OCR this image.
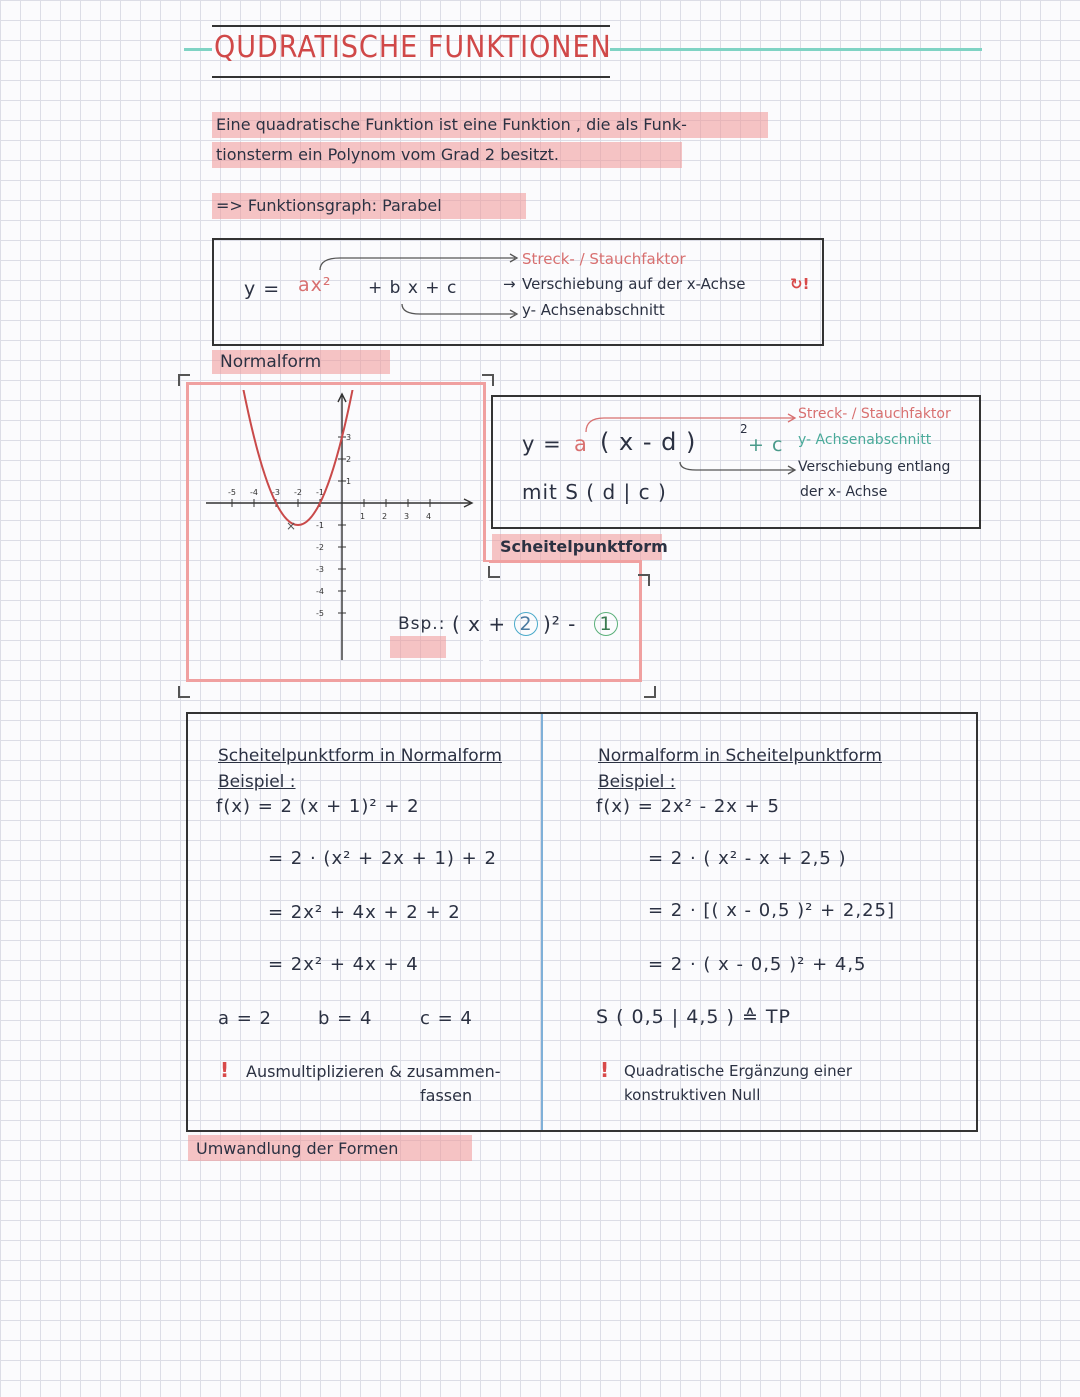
QUDRATISCHE FUNKTIONEN
Eine quadratische Funktion ist eine Funktion , die als Funk-
tionsterm ein Polynom vom Grad 2 besitzt.
=> Funktionsgraph: Parabel
y = ax² + b x + c
Streck- / Stauchfaktor
→ Verschiebung auf der x-Achse	↻!
y- Achsenabschnitt
Normalform
-5 -4 -3 -2 -1
1 2 3 4
3
2
1
-1
-2
-3
-4
-5
×
y = a ( x - d )	2
+ c
mit S ( d | c )
Streck- / Stauchfaktor
y- Achsenabschnitt
Verschiebung entlang
der x- Achse
Scheitelpunktform
Bsp.: ( x + 2 )² - 1
Scheitelpunktform in Normalform
Beispiel :
f(x) = 2 (x + 1)² + 2
= 2 · (x² + 2x + 1) + 2
= 2x² + 4x + 2 + 2
= 2x² + 4x + 4
a = 2	b = 4	c = 4
! Ausmultiplizieren & zusammen-
fassen
Normalform in Scheitelpunktform
Beispiel :
f(x) = 2x² - 2x + 5
= 2 · ( x² - x + 2,5 )
= 2 · [( x - 0,5 )² + 2,25]
= 2 · ( x - 0,5 )² + 4,5
S ( 0,5 | 4,5 ) ≙ TP
! Quadratische Ergänzung einer
konstruktiven Null
Umwandlung der Formen
